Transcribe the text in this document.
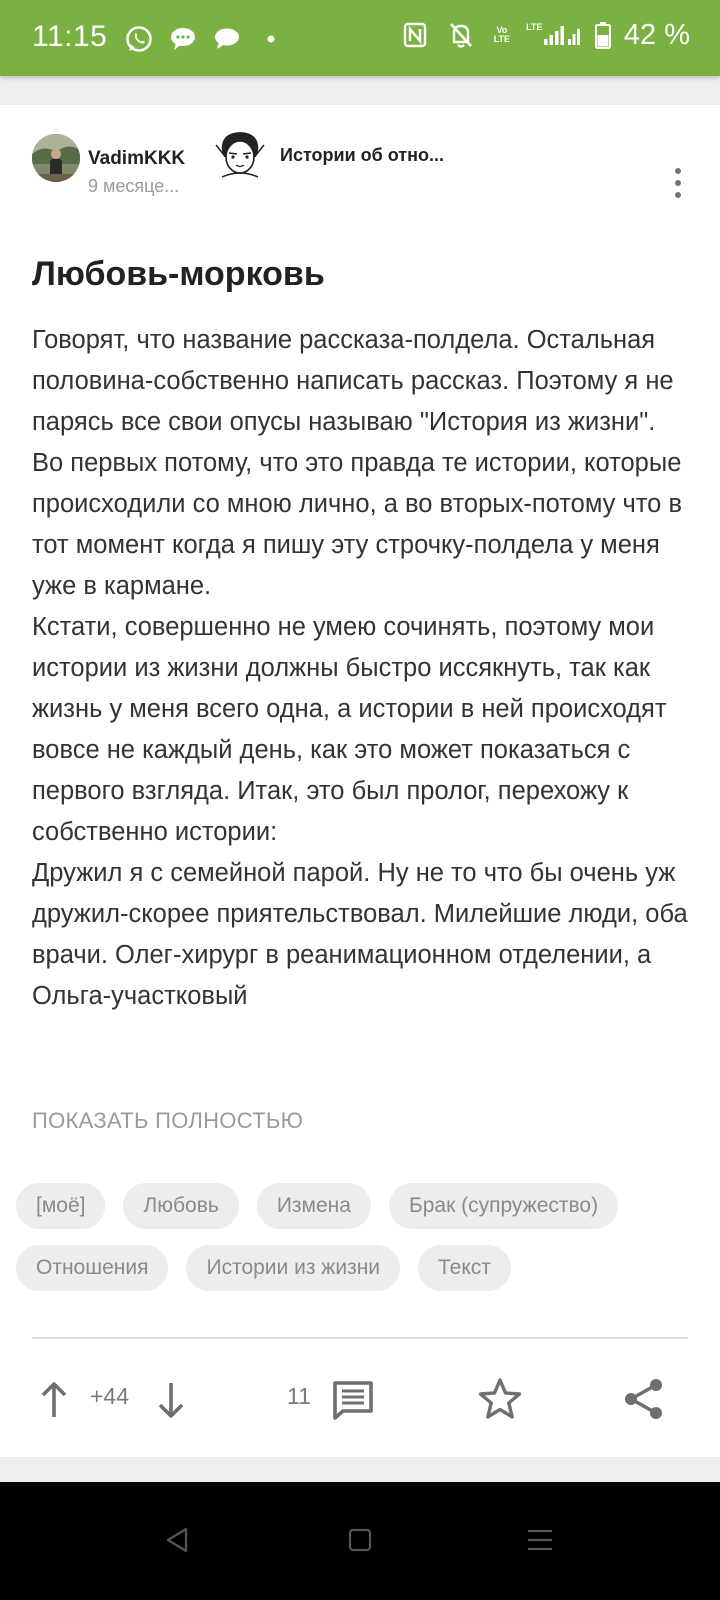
11:15	Vo LTE
LTE	42 %
VadimKKK
9 месяце...
Истории об отно...
Любовь-морковь

Говорят, что название рассказа-полдела. Остальная половина-собственно написать рассказ. Поэтому я не парясь все свои опусы называю "История из жизни". Во первых потому, что это правда те истории, которые происходили со мною лично, а во вторых-потому что в тот момент когда я пишу эту строчку-полдела у меня уже в кармане.
Кстати, совершенно не умею сочинять, поэтому мои истории из жизни должны быстро иссякнуть, так как жизнь у меня всего одна, а истории в ней происходят вовсе не каждый день, как это может показаться с первого взгляда. Итак, это был пролог, перехожу к собственно истории:
Дружил я с семейной парой. Ну не то что бы очень уж дружил-скорее приятельствовал. Милейшие люди, оба врачи. Олег-хирург в реанимационном отделении, а Ольга-участковый

ПОКАЗАТЬ ПОЛНОСТЬЮ
[моё]	Любовь	Измена	Брак (супружество)
Отношения	Истории из жизни	Текст
+44	11
